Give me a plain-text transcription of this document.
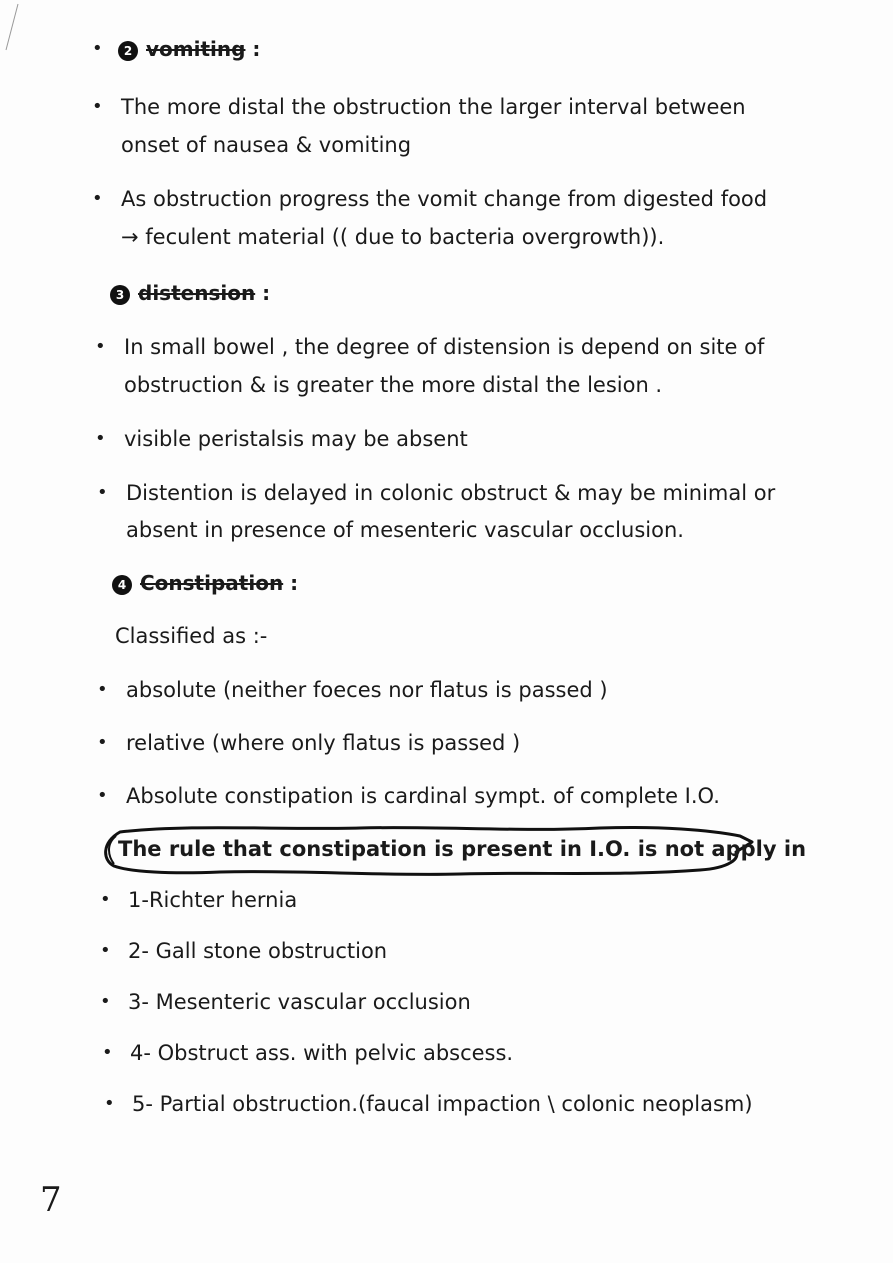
•	2 vomiting :
• The more distal the obstruction the larger interval between
onset of nausea & vomiting
• As obstruction progress the vomit change from digested food
→ feculent material (( due to bacteria overgrowth)).
3 distension :
• In small bowel , the degree of distension is depend on site of
obstruction & is greater the more distal the lesion .
• visible peristalsis may be absent
• Distention is delayed in colonic obstruct & may be minimal or
absent in presence of mesenteric vascular occlusion.
4 Constipation :
Classified as :-
• absolute (neither foeces nor flatus is passed )
• relative (where only flatus is passed )
• Absolute constipation is cardinal sympt. of complete I.O.
The rule that constipation is present in I.O. is not apply in
• 1-Richter hernia
• 2- Gall stone obstruction
• 3- Mesenteric vascular occlusion
• 4- Obstruct ass. with pelvic abscess.
• 5- Partial obstruction.(faucal impaction \ colonic neoplasm)
7
